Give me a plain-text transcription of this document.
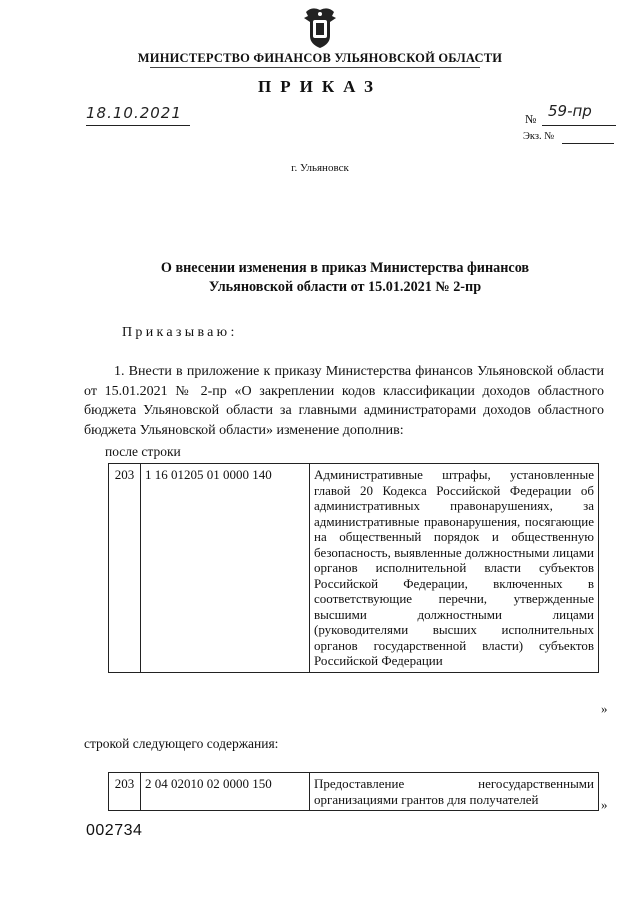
МИНИСТЕРСТВО ФИНАНСОВ УЛЬЯНОВСКОЙ ОБЛАСТИ
ПРИКАЗ
18.10.2021	№ 59-пр
Экз. №
г. Ульяновск
О внесении изменения в приказ Министерства финансов
Ульяновской области от 15.01.2021 № 2-пр
Приказываю:

1. Внести в приложение к приказу Министерства финансов Ульяновской области от 15.01.2021 № 2-пр «О закреплении кодов классификации доходов областного бюджета Ульяновской области за главными администраторами доходов областного бюджета Ульяновской области» изменение дополнив:

после строки
203	1 16 01205 01 0000 140	Административные штрафы, установленные главой 20 Кодекса Российской Федерации об административных правонарушениях, за административные правонарушения, посягающие на общественный порядок и общественную безопасность, выявленные должностными лицами органов исполнительной власти субъектов Российской Федерации, включенных в соответствующие перечни, утвержденные высшими должностными лицами (руководителями высших исполнительных органов государственной власти) субъектов Российской Федерации
»
строкой следующего содержания:
203	2 04 02010 02 0000 150	Предоставление негосударственными организациями грантов для получателей	»
002734
